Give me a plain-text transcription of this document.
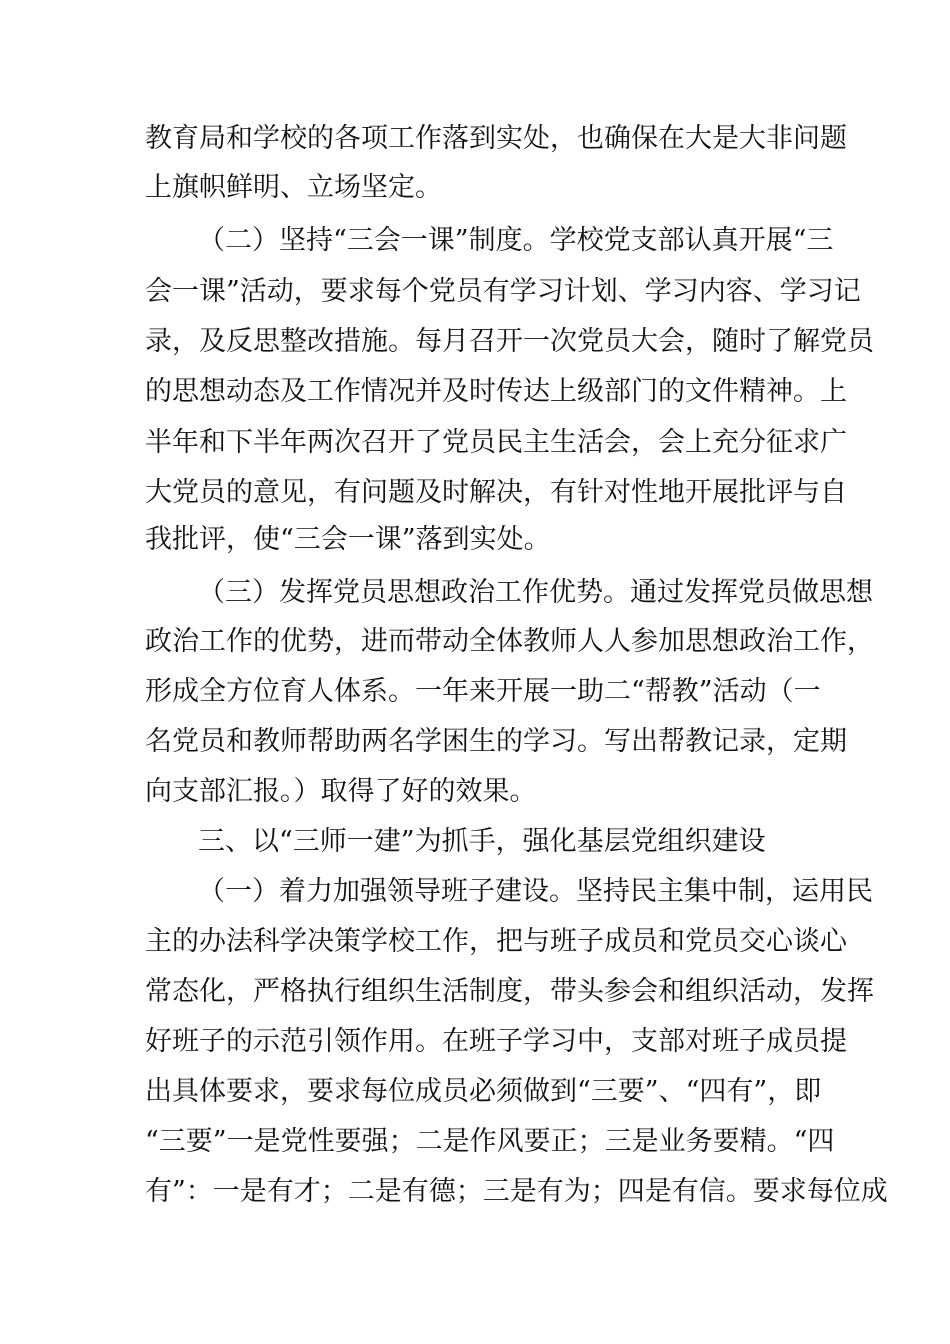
教育局和学校的各项工作落到实处，也确保在大是大非问题
上旗帜鲜明、立场坚定。
（二）坚持“三会一课”制度。学校党支部认真开展“三
会一课”活动，要求每个党员有学习计划、学习内容、学习记
录，及反思整改措施。每月召开一次党员大会，随时了解党员
的思想动态及工作情况并及时传达上级部门的文件精神。上
半年和下半年两次召开了党员民主生活会，会上充分征求广
大党员的意见，有问题及时解决，有针对性地开展批评与自
我批评，使“三会一课”落到实处。
（三）发挥党员思想政治工作优势。通过发挥党员做思想
政治工作的优势，进而带动全体教师人人参加思想政治工作，
形成全方位育人体系。一年来开展一助二“帮教”活动（一
名党员和教师帮助两名学困生的学习。写出帮教记录，定期
向支部汇报。）取得了好的效果。
三、以“三师一建”为抓手，强化基层党组织建设
（一）着力加强领导班子建设。坚持民主集中制，运用民
主的办法科学决策学校工作，把与班子成员和党员交心谈心
常态化，严格执行组织生活制度，带头参会和组织活动，发挥
好班子的示范引领作用。在班子学习中，支部对班子成员提
出具体要求，要求每位成员必须做到“三要”、“四有”，即
“三要”一是党性要强；二是作风要正；三是业务要精。“四
有”：一是有才；二是有德；三是有为；四是有信。要求每位成
